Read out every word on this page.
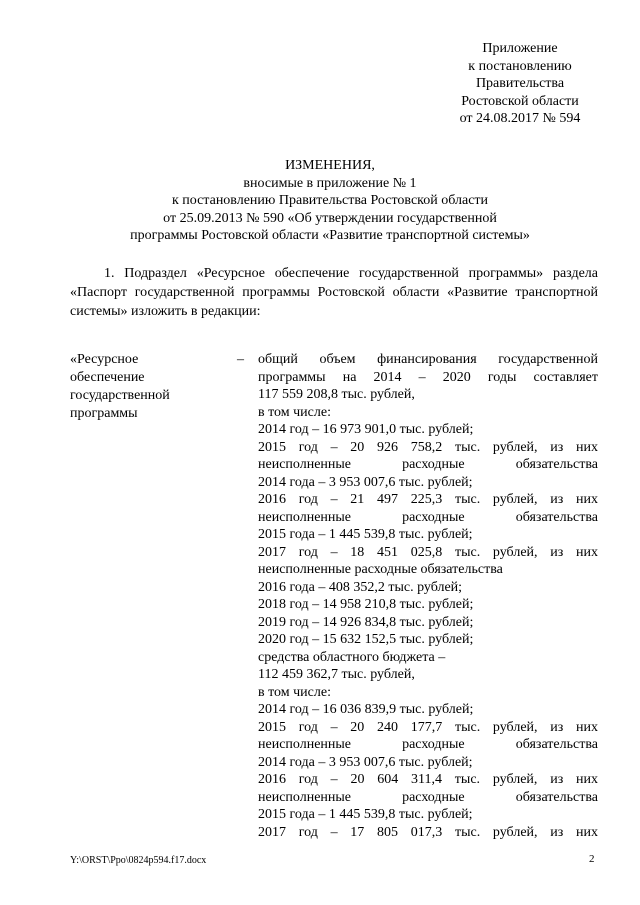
Приложение
к постановлению
Правительства
Ростовской области
от 24.08.2017 № 594
ИЗМЕНЕНИЯ,
вносимые в приложение № 1
к постановлению Правительства Ростовской области
от 25.09.2013 № 590 «Об утверждении государственной
программы Ростовской области «Развитие транспортной системы»
1. Подраздел «Ресурсное обеспечение государственной программы» раздела «Паспорт государственной программы Ростовской области «Развитие транспортной системы» изложить в редакции:
«Ресурсное
обеспечение
государственной
программы
– общий объем финансирования государственной
программы на 2014 – 2020 годы составляет
117 559 208,8 тыс. рублей,
в том числе:
2014 год – 16 973 901,0 тыс. рублей;
2015 год – 20 926 758,2 тыс. рублей, из них
неисполненные расходные обязательства
2014 года – 3 953 007,6 тыс. рублей;
2016 год – 21 497 225,3 тыс. рублей, из них
неисполненные расходные обязательства
2015 года – 1 445 539,8 тыс. рублей;
2017 год – 18 451 025,8 тыс. рублей, из них
неисполненные расходные обязательства
2016 года – 408 352,2 тыс. рублей;
2018 год – 14 958 210,8 тыс. рублей;
2019 год – 14 926 834,8 тыс. рублей;
2020 год – 15 632 152,5 тыс. рублей;
средства областного бюджета –
112 459 362,7 тыс. рублей,
в том числе:
2014 год – 16 036 839,9 тыс. рублей;
2015 год – 20 240 177,7 тыс. рублей, из них
неисполненные расходные обязательства
2014 года – 3 953 007,6 тыс. рублей;
2016 год – 20 604 311,4 тыс. рублей, из них
неисполненные расходные обязательства
2015 года – 1 445 539,8 тыс. рублей;
2017 год – 17 805 017,3 тыс. рублей, из них
Y:\ORST\Ppo\0824p594.f17.docx	2
